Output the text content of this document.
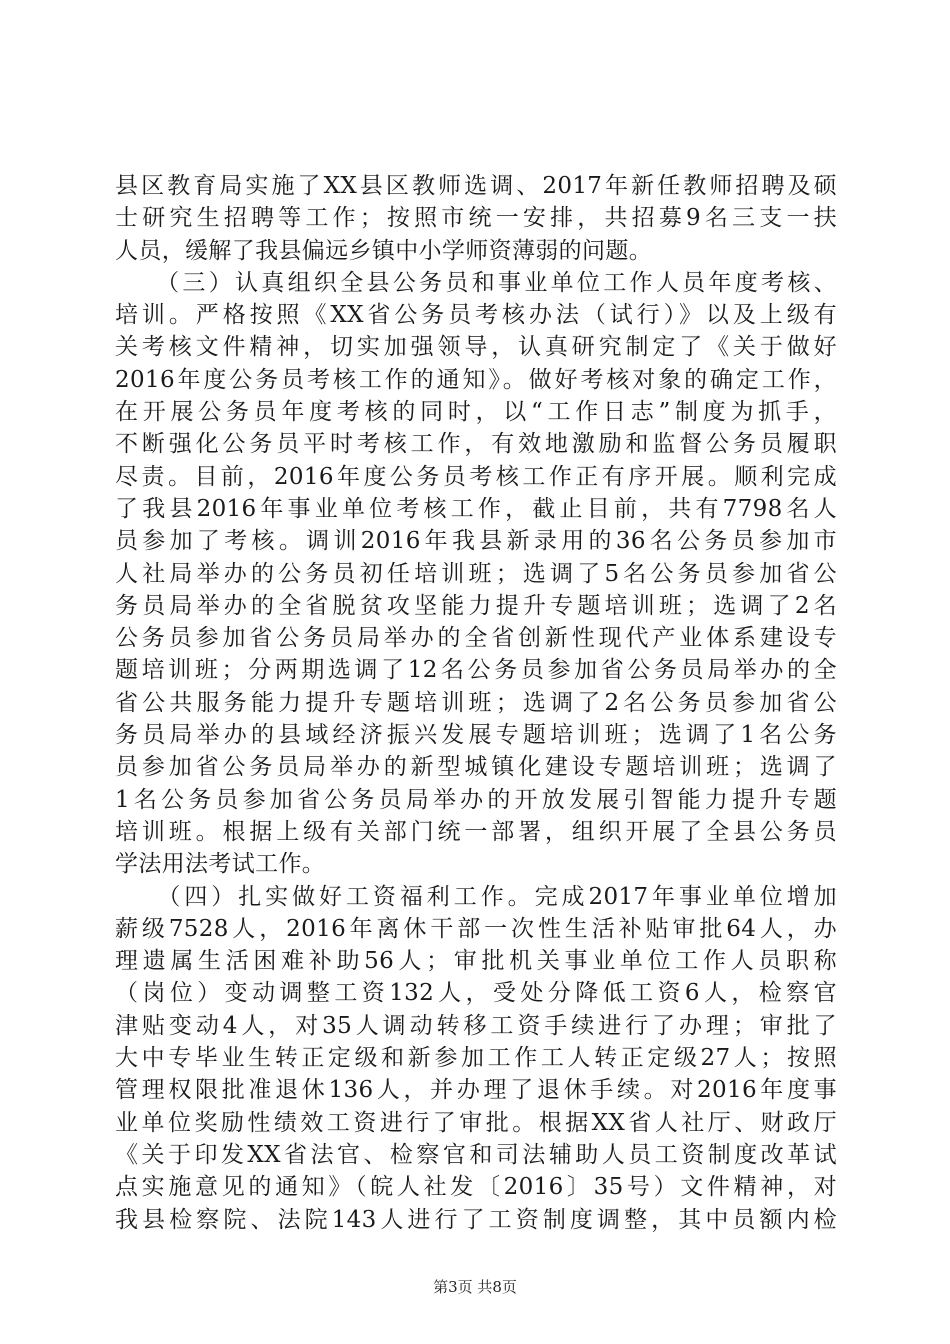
县区教育局实施了XX县区教师选调、2017年新任教师招聘及硕
士研究生招聘等工作；按照市统一安排，共招募9名三支一扶
人员，缓解了我县偏远乡镇中小学师资薄弱的问题。
　　（三）认真组织全县公务员和事业单位工作人员年度考核、
培训。严格按照《XX省公务员考核办法（试行）》以及上级有
关考核文件精神，切实加强领导，认真研究制定了《关于做好
2016年度公务员考核工作的通知》。做好考核对象的确定工作，
在开展公务员年度考核的同时，以“工作日志”制度为抓手，
不断强化公务员平时考核工作，有效地激励和监督公务员履职
尽责。目前，2016年度公务员考核工作正有序开展。顺利完成
了我县2016年事业单位考核工作，截止目前，共有7798名人
员参加了考核。调训2016年我县新录用的36名公务员参加市
人社局举办的公务员初任培训班；选调了5名公务员参加省公
务员局举办的全省脱贫攻坚能力提升专题培训班；选调了2名
公务员参加省公务员局举办的全省创新性现代产业体系建设专
题培训班；分两期选调了12名公务员参加省公务员局举办的全
省公共服务能力提升专题培训班；选调了2名公务员参加省公
务员局举办的县域经济振兴发展专题培训班；选调了1名公务
员参加省公务员局举办的新型城镇化建设专题培训班；选调了
1名公务员参加省公务员局举办的开放发展引智能力提升专题
培训班。根据上级有关部门统一部署，组织开展了全县公务员
学法用法考试工作。
　　（四）扎实做好工资福利工作。完成2017年事业单位增加
薪级7528人，2016年离休干部一次性生活补贴审批64人，办
理遗属生活困难补助56人；审批机关事业单位工作人员职称
（岗位）变动调整工资132人，受处分降低工资6人，检察官
津贴变动4人，对35人调动转移工资手续进行了办理；审批了
大中专毕业生转正定级和新参加工作工人转正定级27人；按照
管理权限批准退休136人，并办理了退休手续。对2016年度事
业单位奖励性绩效工资进行了审批。根据XX省人社厅、财政厅
《关于印发XX省法官、检察官和司法辅助人员工资制度改革试
点实施意见的通知》（皖人社发〔2016〕35号）文件精神，对
我县检察院、法院143人进行了工资制度调整，其中员额内检
第3页 共8页
